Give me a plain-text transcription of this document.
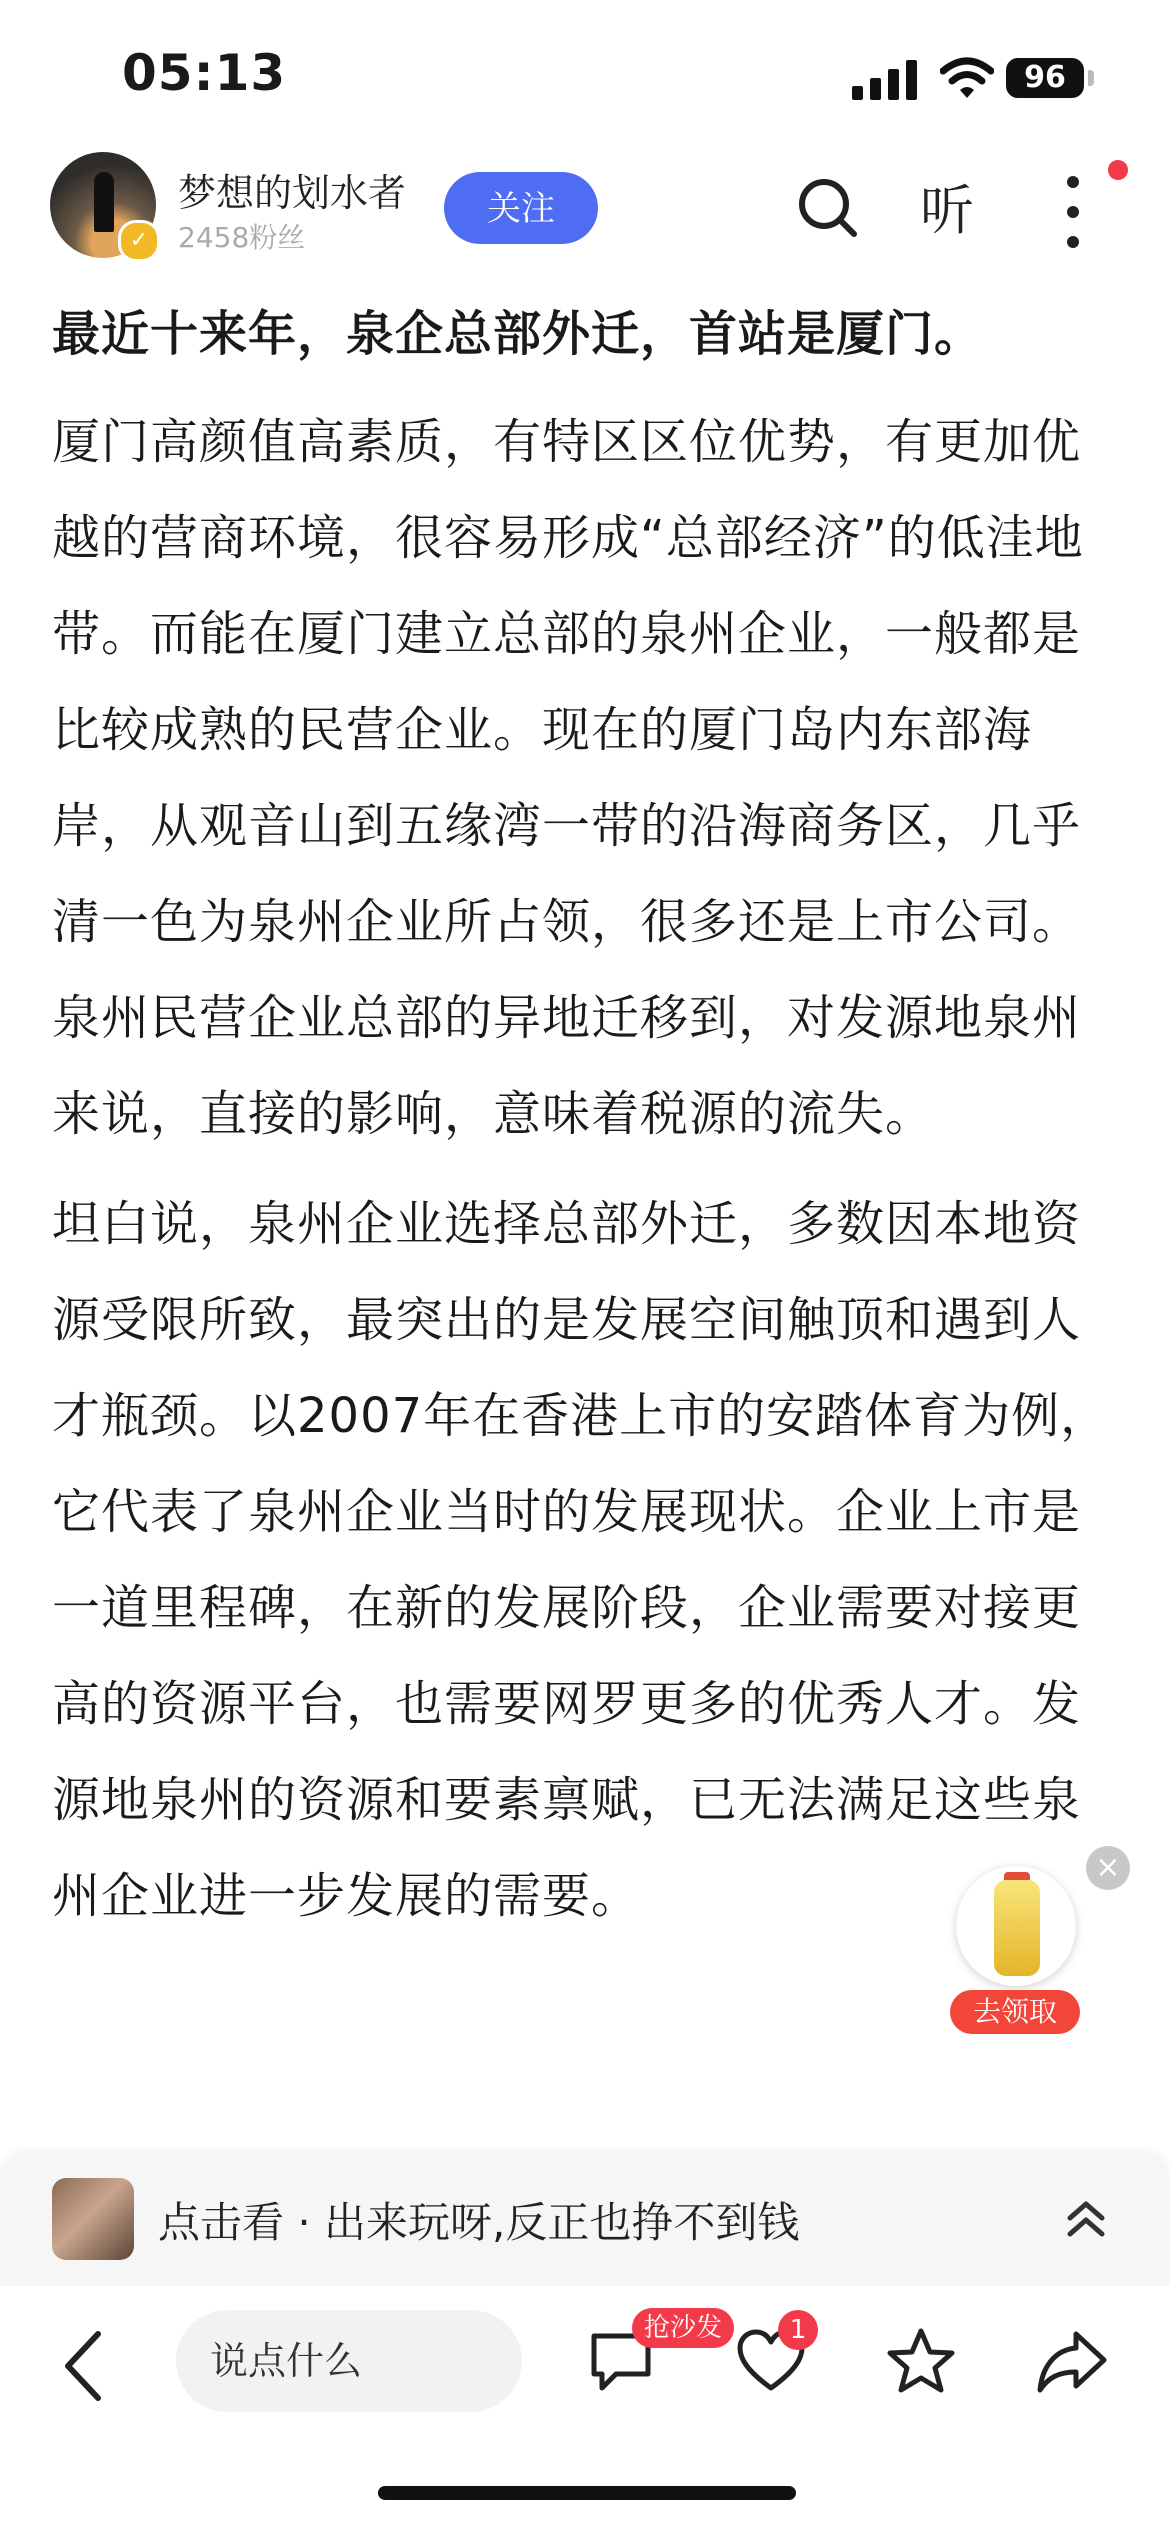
05:13	96
✓
梦想的划水者
2458粉丝
关注	听

最近十来年，泉企总部外迁，首站是厦门。

厦门高颜值高素质，有特区区位优势，有更加优越的营商环境，很容易形成“总部经济”的低洼地带。而能在厦门建立总部的泉州企业，一般都是比较成熟的民营企业。现在的厦门岛内东部海岸，从观音山到五缘湾一带的沿海商务区，几乎清一色为泉州企业所占领，很多还是上市公司。泉州民营企业总部的异地迁移到，对发源地泉州来说，直接的影响，意味着税源的流失。

坦白说，泉州企业选择总部外迁，多数因本地资源受限所致，最突出的是发展空间触顶和遇到人才瓶颈。以2007年在香港上市的安踏体育为例，它代表了泉州企业当时的发展现状。企业上市是一道里程碑，在新的发展阶段，企业需要对接更高的资源平台，也需要网罗更多的优秀人才。发源地泉州的资源和要素禀赋，已无法满足这些泉州企业进一步发展的需要。

去领取
×
点击看 · 出来玩呀,反正也挣不到钱
说点什么
抢沙发	1
